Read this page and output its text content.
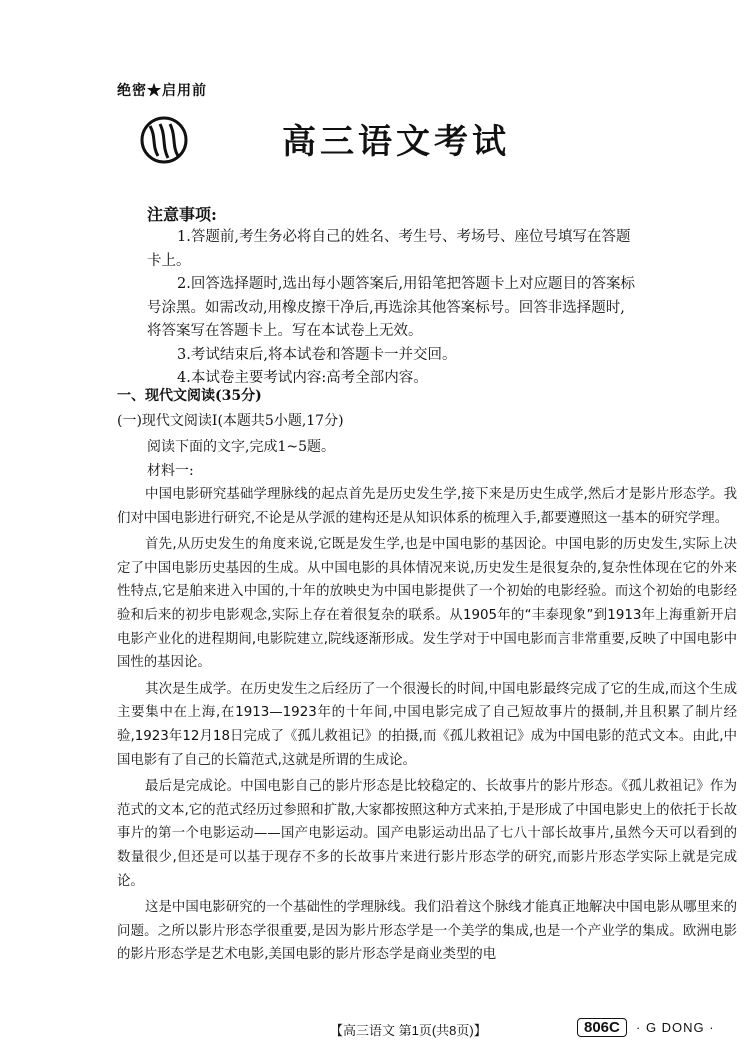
绝密★启用前
高三语文考试
注意事项:

1.答题前,考生务必将自己的姓名、考生号、考场号、座位号填写在答题卡上。

2.回答选择题时,选出每小题答案后,用铅笔把答题卡上对应题目的答案标号涂黑。如需改动,用橡皮擦干净后,再选涂其他答案标号。回答非选择题时,将答案写在答题卡上。写在本试卷上无效。

3.考试结束后,将本试卷和答题卡一并交回。

4.本试卷主要考试内容:高考全部内容。

一、现代文阅读(35分)
(一)现代文阅读Ⅰ(本题共5小题,17分)
阅读下面的文字,完成1~5题。
材料一:

中国电影研究基础学理脉线的起点首先是历史发生学,接下来是历史生成学,然后才是影片形态学。我们对中国电影进行研究,不论是从学派的建构还是从知识体系的梳理入手,都要遵照这一基本的研究学理。

首先,从历史发生的角度来说,它既是发生学,也是中国电影的基因论。中国电影的历史发生,实际上决定了中国电影历史基因的生成。从中国电影的具体情况来说,历史发生是很复杂的,复杂性体现在它的外来性特点,它是舶来进入中国的,十年的放映史为中国电影提供了一个初始的电影经验。而这个初始的电影经验和后来的初步电影观念,实际上存在着很复杂的联系。从1905年的“丰泰现象”到1913年上海重新开启电影产业化的进程期间,电影院建立,院线逐渐形成。发生学对于中国电影而言非常重要,反映了中国电影中国性的基因论。

其次是生成学。在历史发生之后经历了一个很漫长的时间,中国电影最终完成了它的生成,而这个生成主要集中在上海,在1913—1923年的十年间,中国电影完成了自己短故事片的摄制,并且积累了制片经验,1923年12月18日完成了《孤儿救祖记》的拍摄,而《孤儿救祖记》成为中国电影的范式文本。由此,中国电影有了自己的长篇范式,这就是所谓的生成论。

最后是完成论。中国电影自己的影片形态是比较稳定的、长故事片的影片形态。《孤儿救祖记》作为范式的文本,它的范式经历过参照和扩散,大家都按照这种方式来拍,于是形成了中国电影史上的依托于长故事片的第一个电影运动——国产电影运动。国产电影运动出品了七八十部长故事片,虽然今天可以看到的数量很少,但还是可以基于现存不多的长故事片来进行影片形态学的研究,而影片形态学实际上就是完成论。

这是中国电影研究的一个基础性的学理脉线。我们沿着这个脉线才能真正地解决中国电影从哪里来的问题。之所以影片形态学很重要,是因为影片形态学是一个美学的集成,也是一个产业学的集成。欧洲电影的影片形态学是艺术电影,美国电影的影片形态学是商业类型的电

【高三语文 第1页(共8页)】	806C	· G DONG ·
